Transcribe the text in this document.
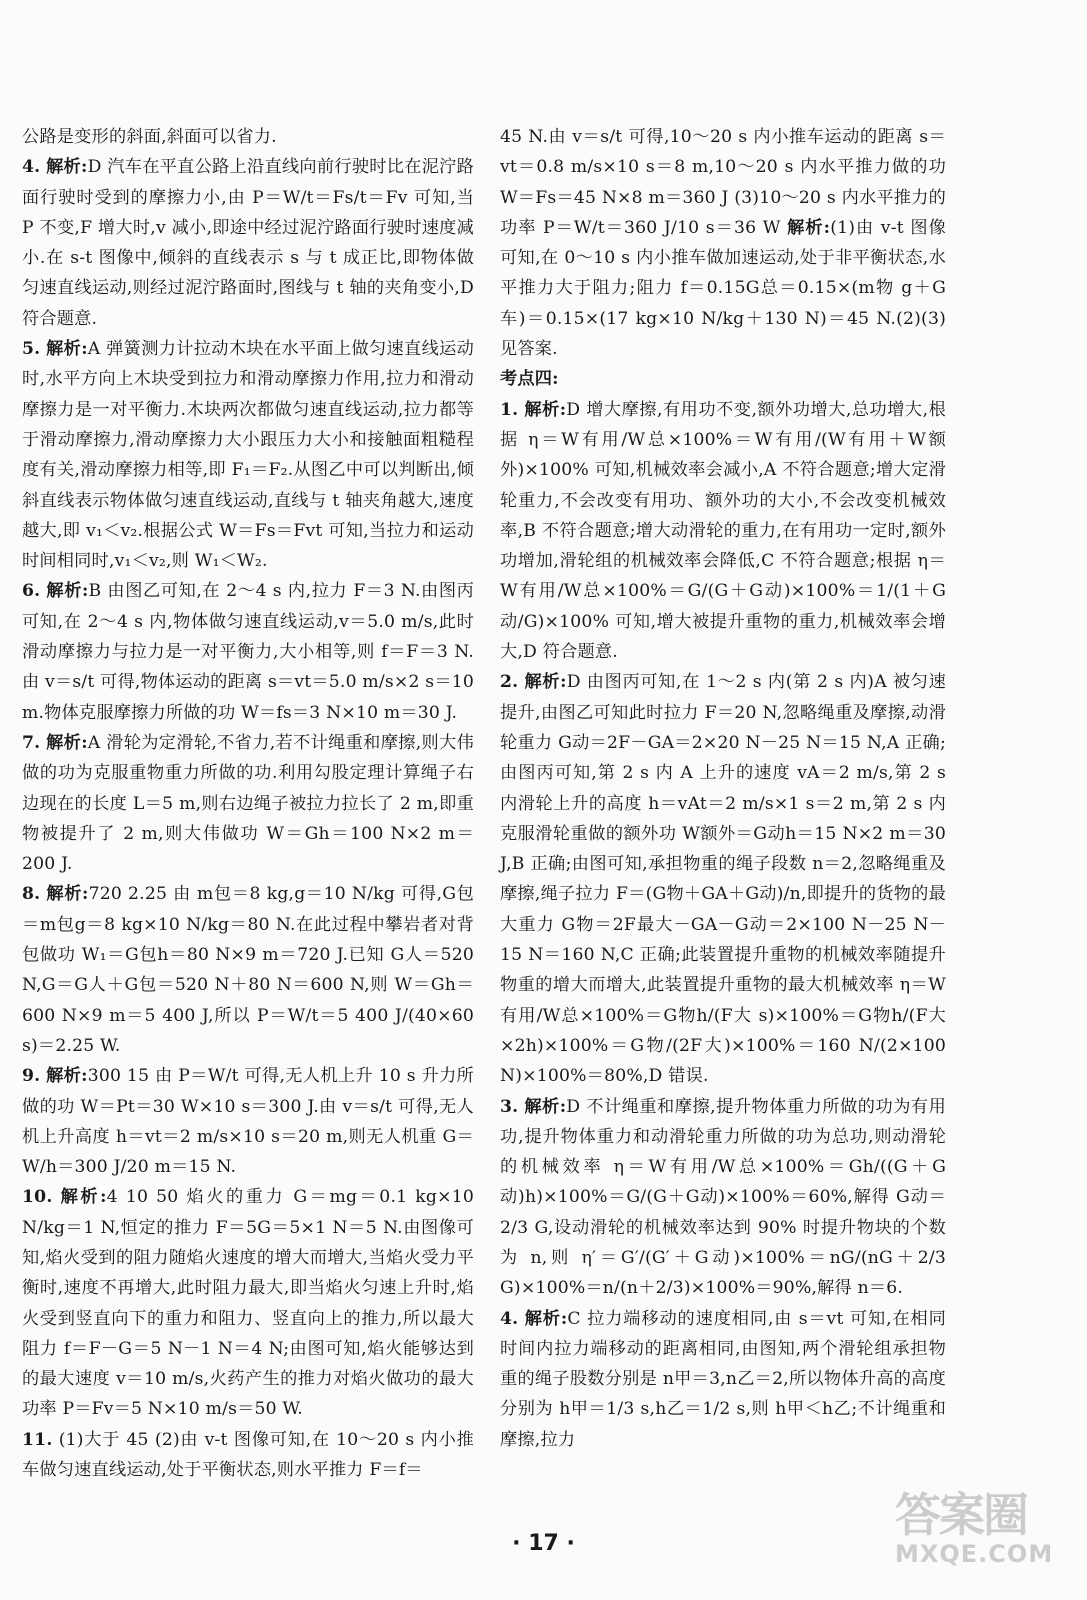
公路是变形的斜面,斜面可以省力.

4. 解析:D 汽车在平直公路上沿直线向前行驶时比在泥泞路面行驶时受到的摩擦力小,由 P＝W/t＝Fs/t＝Fv 可知,当 P 不变,F 增大时,v 减小,即途中经过泥泞路面行驶时速度减小.在 s-t 图像中,倾斜的直线表示 s 与 t 成正比,即物体做匀速直线运动,则经过泥泞路面时,图线与 t 轴的夹角变小,D 符合题意.

5. 解析:A 弹簧测力计拉动木块在水平面上做匀速直线运动时,水平方向上木块受到拉力和滑动摩擦力作用,拉力和滑动摩擦力是一对平衡力.木块两次都做匀速直线运动,拉力都等于滑动摩擦力,滑动摩擦力大小跟压力大小和接触面粗糙程度有关,滑动摩擦力相等,即 F₁＝F₂.从图乙中可以判断出,倾斜直线表示物体做匀速直线运动,直线与 t 轴夹角越大,速度越大,即 v₁＜v₂.根据公式 W＝Fs＝Fvt 可知,当拉力和运动时间相同时,v₁＜v₂,则 W₁＜W₂.

6. 解析:B 由图乙可知,在 2～4 s 内,拉力 F＝3 N.由图丙可知,在 2～4 s 内,物体做匀速直线运动,v＝5.0 m/s,此时滑动摩擦力与拉力是一对平衡力,大小相等,则 f＝F＝3 N.由 v＝s/t 可得,物体运动的距离 s＝vt＝5.0 m/s×2 s＝10 m.物体克服摩擦力所做的功 W＝fs＝3 N×10 m＝30 J.

7. 解析:A 滑轮为定滑轮,不省力,若不计绳重和摩擦,则大伟做的功为克服重物重力所做的功.利用勾股定理计算绳子右边现在的长度 L＝5 m,则右边绳子被拉力拉长了 2 m,即重物被提升了 2 m,则大伟做功 W＝Gh＝100 N×2 m＝200 J.

8. 解析:720 2.25 由 m包＝8 kg,g＝10 N/kg 可得,G包＝m包g＝8 kg×10 N/kg＝80 N.在此过程中攀岩者对背包做功 W₁＝G包h＝80 N×9 m＝720 J.已知 G人＝520 N,G＝G人＋G包＝520 N＋80 N＝600 N,则 W＝Gh＝600 N×9 m＝5 400 J,所以 P＝W/t＝5 400 J/(40×60 s)＝2.25 W.

9. 解析:300 15 由 P＝W/t 可得,无人机上升 10 s 升力所做的功 W＝Pt＝30 W×10 s＝300 J.由 v＝s/t 可得,无人机上升高度 h＝vt＝2 m/s×10 s＝20 m,则无人机重 G＝W/h＝300 J/20 m＝15 N.

10. 解析:4 10 50 焰火的重力 G＝mg＝0.1 kg×10 N/kg＝1 N,恒定的推力 F＝5G＝5×1 N＝5 N.由图像可知,焰火受到的阻力随焰火速度的增大而增大,当焰火受力平衡时,速度不再增大,此时阻力最大,即当焰火匀速上升时,焰火受到竖直向下的重力和阻力、竖直向上的推力,所以最大阻力 f＝F－G＝5 N－1 N＝4 N;由图可知,焰火能够达到的最大速度 v＝10 m/s,火药产生的推力对焰火做功的最大功率 P＝Fv＝5 N×10 m/s＝50 W.

11. (1)大于 45 (2)由 v-t 图像可知,在 10～20 s 内小推车做匀速直线运动,处于平衡状态,则水平推力 F＝f＝

45 N.由 v＝s/t 可得,10～20 s 内小推车运动的距离 s＝vt＝0.8 m/s×10 s＝8 m,10～20 s 内水平推力做的功 W＝Fs＝45 N×8 m＝360 J (3)10～20 s 内水平推力的功率 P＝W/t＝360 J/10 s＝36 W 解析:(1)由 v-t 图像可知,在 0～10 s 内小推车做加速运动,处于非平衡状态,水平推力大于阻力;阻力 f＝0.15G总＝0.15×(m物 g＋G车)＝0.15×(17 kg×10 N/kg＋130 N)＝45 N.(2)(3)见答案.

考点四:

1. 解析:D 增大摩擦,有用功不变,额外功增大,总功增大,根据 η＝W有用/W总×100%＝W有用/(W有用＋W额外)×100% 可知,机械效率会减小,A 不符合题意;增大定滑轮重力,不会改变有用功、额外功的大小,不会改变机械效率,B 不符合题意;增大动滑轮的重力,在有用功一定时,额外功增加,滑轮组的机械效率会降低,C 不符合题意;根据 η＝W有用/W总×100%＝G/(G＋G动)×100%＝1/(1＋G动/G)×100% 可知,增大被提升重物的重力,机械效率会增大,D 符合题意.

2. 解析:D 由图丙可知,在 1～2 s 内(第 2 s 内)A 被匀速提升,由图乙可知此时拉力 F＝20 N,忽略绳重及摩擦,动滑轮重力 G动＝2F－GA＝2×20 N－25 N＝15 N,A 正确;由图丙可知,第 2 s 内 A 上升的速度 vA＝2 m/s,第 2 s 内滑轮上升的高度 h＝vAt＝2 m/s×1 s＝2 m,第 2 s 内克服滑轮重做的额外功 W额外＝G动h＝15 N×2 m＝30 J,B 正确;由图可知,承担物重的绳子段数 n＝2,忽略绳重及摩擦,绳子拉力 F＝(G物＋GA＋G动)/n,即提升的货物的最大重力 G物＝2F最大－GA－G动＝2×100 N－25 N－15 N＝160 N,C 正确;此装置提升重物的机械效率随提升物重的增大而增大,此装置提升重物的最大机械效率 η＝W有用/W总×100%＝G物h/(F大 s)×100%＝G物h/(F大×2h)×100%＝G物/(2F大)×100%＝160 N/(2×100 N)×100%＝80%,D 错误.

3. 解析:D 不计绳重和摩擦,提升物体重力所做的功为有用功,提升物体重力和动滑轮重力所做的功为总功,则动滑轮的机械效率 η＝W有用/W总×100%＝Gh/((G＋G动)h)×100%＝G/(G＋G动)×100%＝60%,解得 G动＝2/3 G,设动滑轮的机械效率达到 90% 时提升物块的个数为 n,则 η′＝G′/(G′＋G动)×100%＝nG/(nG＋2/3 G)×100%＝n/(n＋2/3)×100%＝90%,解得 n＝6.

4. 解析:C 拉力端移动的速度相同,由 s＝vt 可知,在相同时间内拉力端移动的距离相同,由图知,两个滑轮组承担物重的绳子股数分别是 n甲＝3,n乙＝2,所以物体升高的高度分别为 h甲＝1/3 s,h乙＝1/2 s,则 h甲＜h乙;不计绳重和摩擦,拉力

· 17 ·
答案圈
MXQE.COM
